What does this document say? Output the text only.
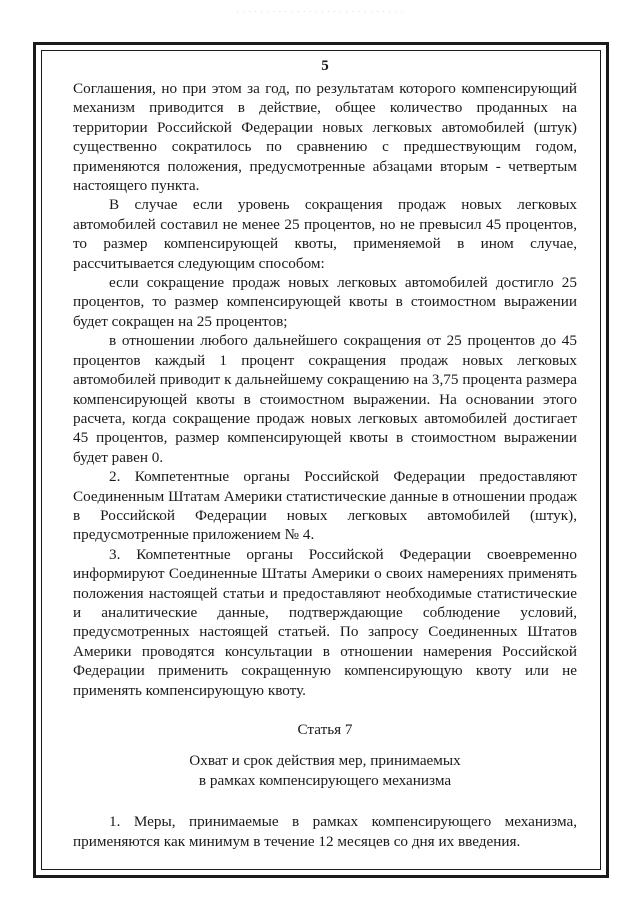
· · · · · · · · · · · · · · · · · · · · · · · · · · · ·
5

Соглашения, но при этом за год, по результатам которого компенсирующий механизм приводится в действие, общее количество проданных на территории Российской Федерации новых легковых автомобилей (штук) существенно сократилось по сравнению с предшествующим годом, применяются положения, предусмотренные абзацами вторым - четвертым настоящего пункта.

В случае если уровень сокращения продаж новых легковых автомобилей составил не менее 25 процентов, но не превысил 45 процентов, то размер компенсирующей квоты, применяемой в ином случае, рассчитывается следующим способом:

если сокращение продаж новых легковых автомобилей достигло 25 процентов, то размер компенсирующей квоты в стоимостном выражении будет сокращен на 25 процентов;

в отношении любого дальнейшего сокращения от 25 процентов до 45 процентов каждый 1 процент сокращения продаж новых легковых автомобилей приводит к дальнейшему сокращению на 3,75 процента размера компенсирующей квоты в стоимостном выражении. На основании этого расчета, когда сокращение продаж новых легковых автомобилей достигает 45 процентов, размер компенсирующей квоты в стоимостном выражении будет равен 0.

2. Компетентные органы Российской Федерации предоставляют Соединенным Штатам Америки статистические данные в отношении продаж в Российской Федерации новых легковых автомобилей (штук), предусмотренные приложением № 4.

3. Компетентные органы Российской Федерации своевременно информируют Соединенные Штаты Америки о своих намерениях применять положения настоящей статьи и предоставляют необходимые статистические и аналитические данные, подтверждающие соблюдение условий, предусмотренных настоящей статьей. По запросу Соединенных Штатов Америки проводятся консультации в отношении намерения Российской Федерации применить сокращенную компенсирующую квоту или не применять компенсирующую квоту.

Статья 7
Охват и срок действия мер, принимаемых
в рамках компенсирующего механизма

1. Меры, принимаемые в рамках компенсирующего механизма, применяются как минимум в течение 12 месяцев со дня их введения.
